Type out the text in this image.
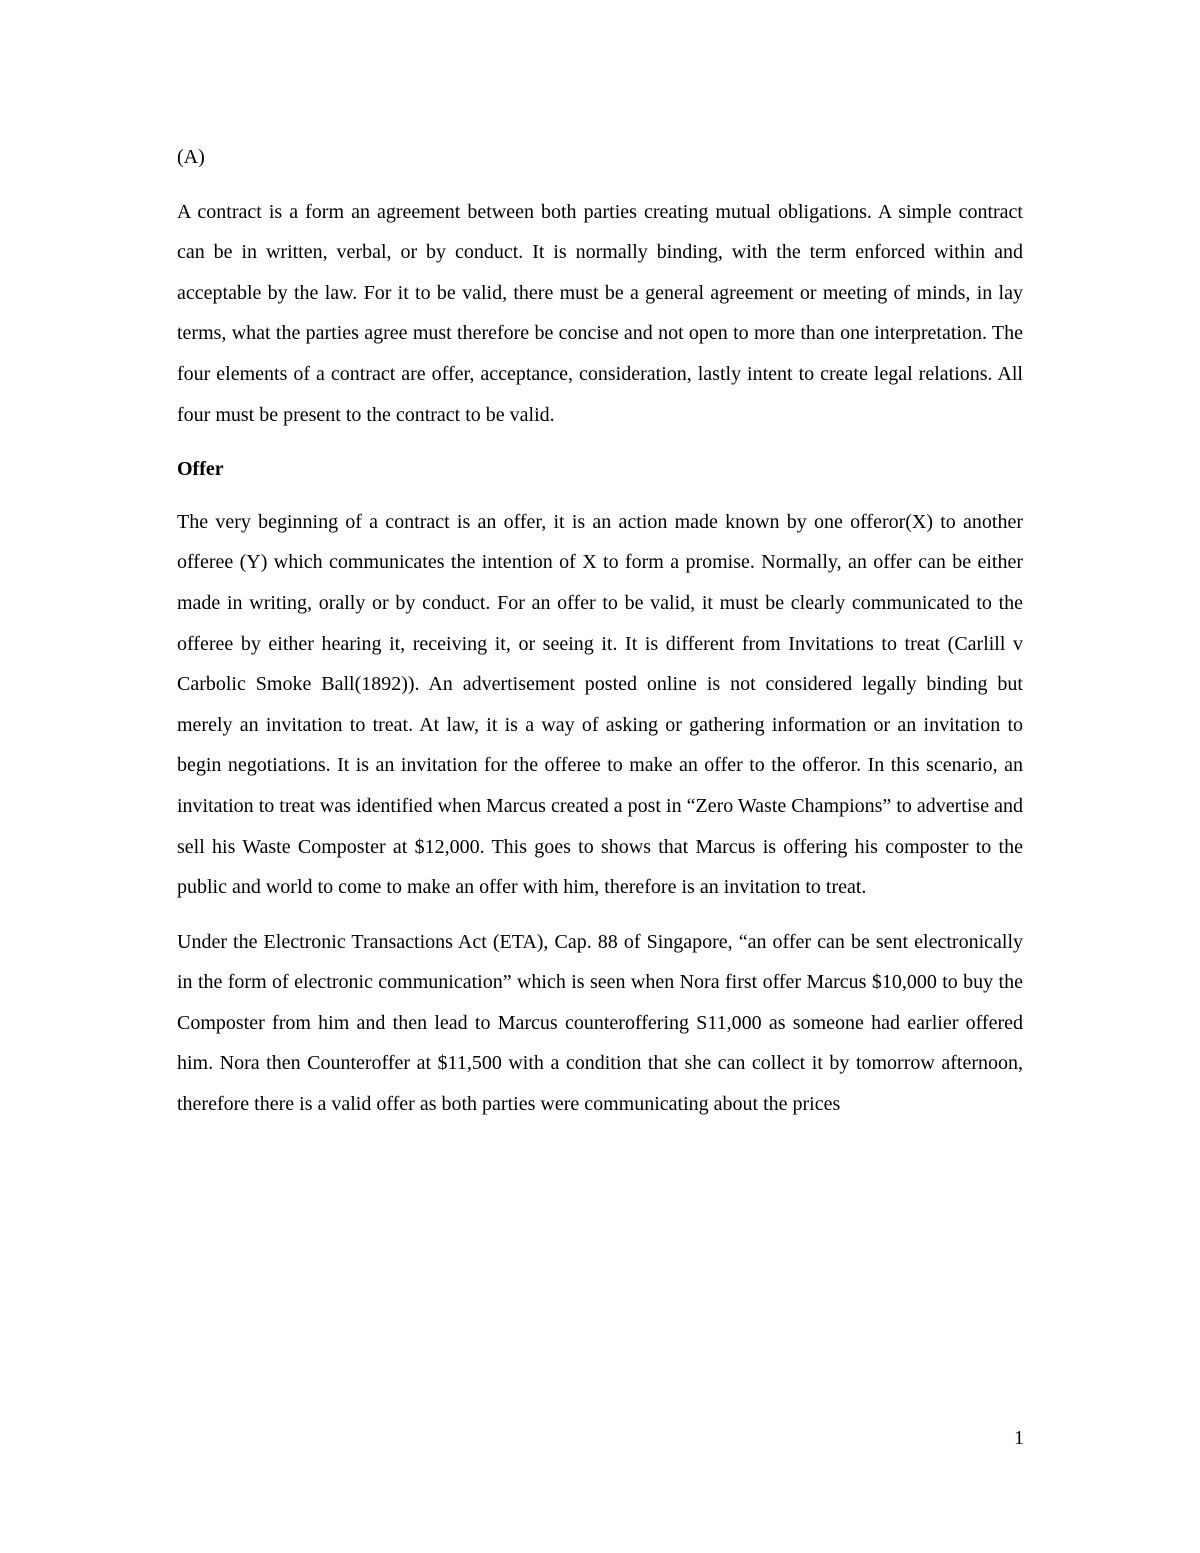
(A)

A contract is a form an agreement between both parties creating mutual obligations. A simple contract can be in written, verbal, or by conduct. It is normally binding, with the term enforced within and acceptable by the law. For it to be valid, there must be a general agreement or meeting of minds, in lay terms, what the parties agree must therefore be concise and not open to more than one interpretation. The four elements of a contract are offer, acceptance, consideration, lastly intent to create legal relations. All four must be present to the contract to be valid.

Offer

The very beginning of a contract is an offer, it is an action made known by one offeror(X) to another offeree (Y) which communicates the intention of X to form a promise. Normally, an offer can be either made in writing, orally or by conduct. For an offer to be valid, it must be clearly communicated to the offeree by either hearing it, receiving it, or seeing it. It is different from Invitations to treat (Carlill v Carbolic Smoke Ball(1892)). An advertisement posted online is not considered legally binding but merely an invitation to treat. At law, it is a way of asking or gathering information or an invitation to begin negotiations. It is an invitation for the offeree to make an offer to the offeror. In this scenario, an invitation to treat was identified when Marcus created a post in “Zero Waste Champions” to advertise and sell his Waste Composter at $12,000. This goes to shows that Marcus is offering his composter to the public and world to come to make an offer with him, therefore is an invitation to treat.

Under the Electronic Transactions Act (ETA), Cap. 88 of Singapore, “an offer can be sent electronically in the form of electronic communication” which is seen when Nora first offer Marcus $10,000 to buy the Composter from him and then lead to Marcus counteroffering S11,000 as someone had earlier offered him. Nora then Counteroffer at $11,500 with a condition that she can collect it by tomorrow afternoon, therefore there is a valid offer as both parties were communicating about the prices

1
